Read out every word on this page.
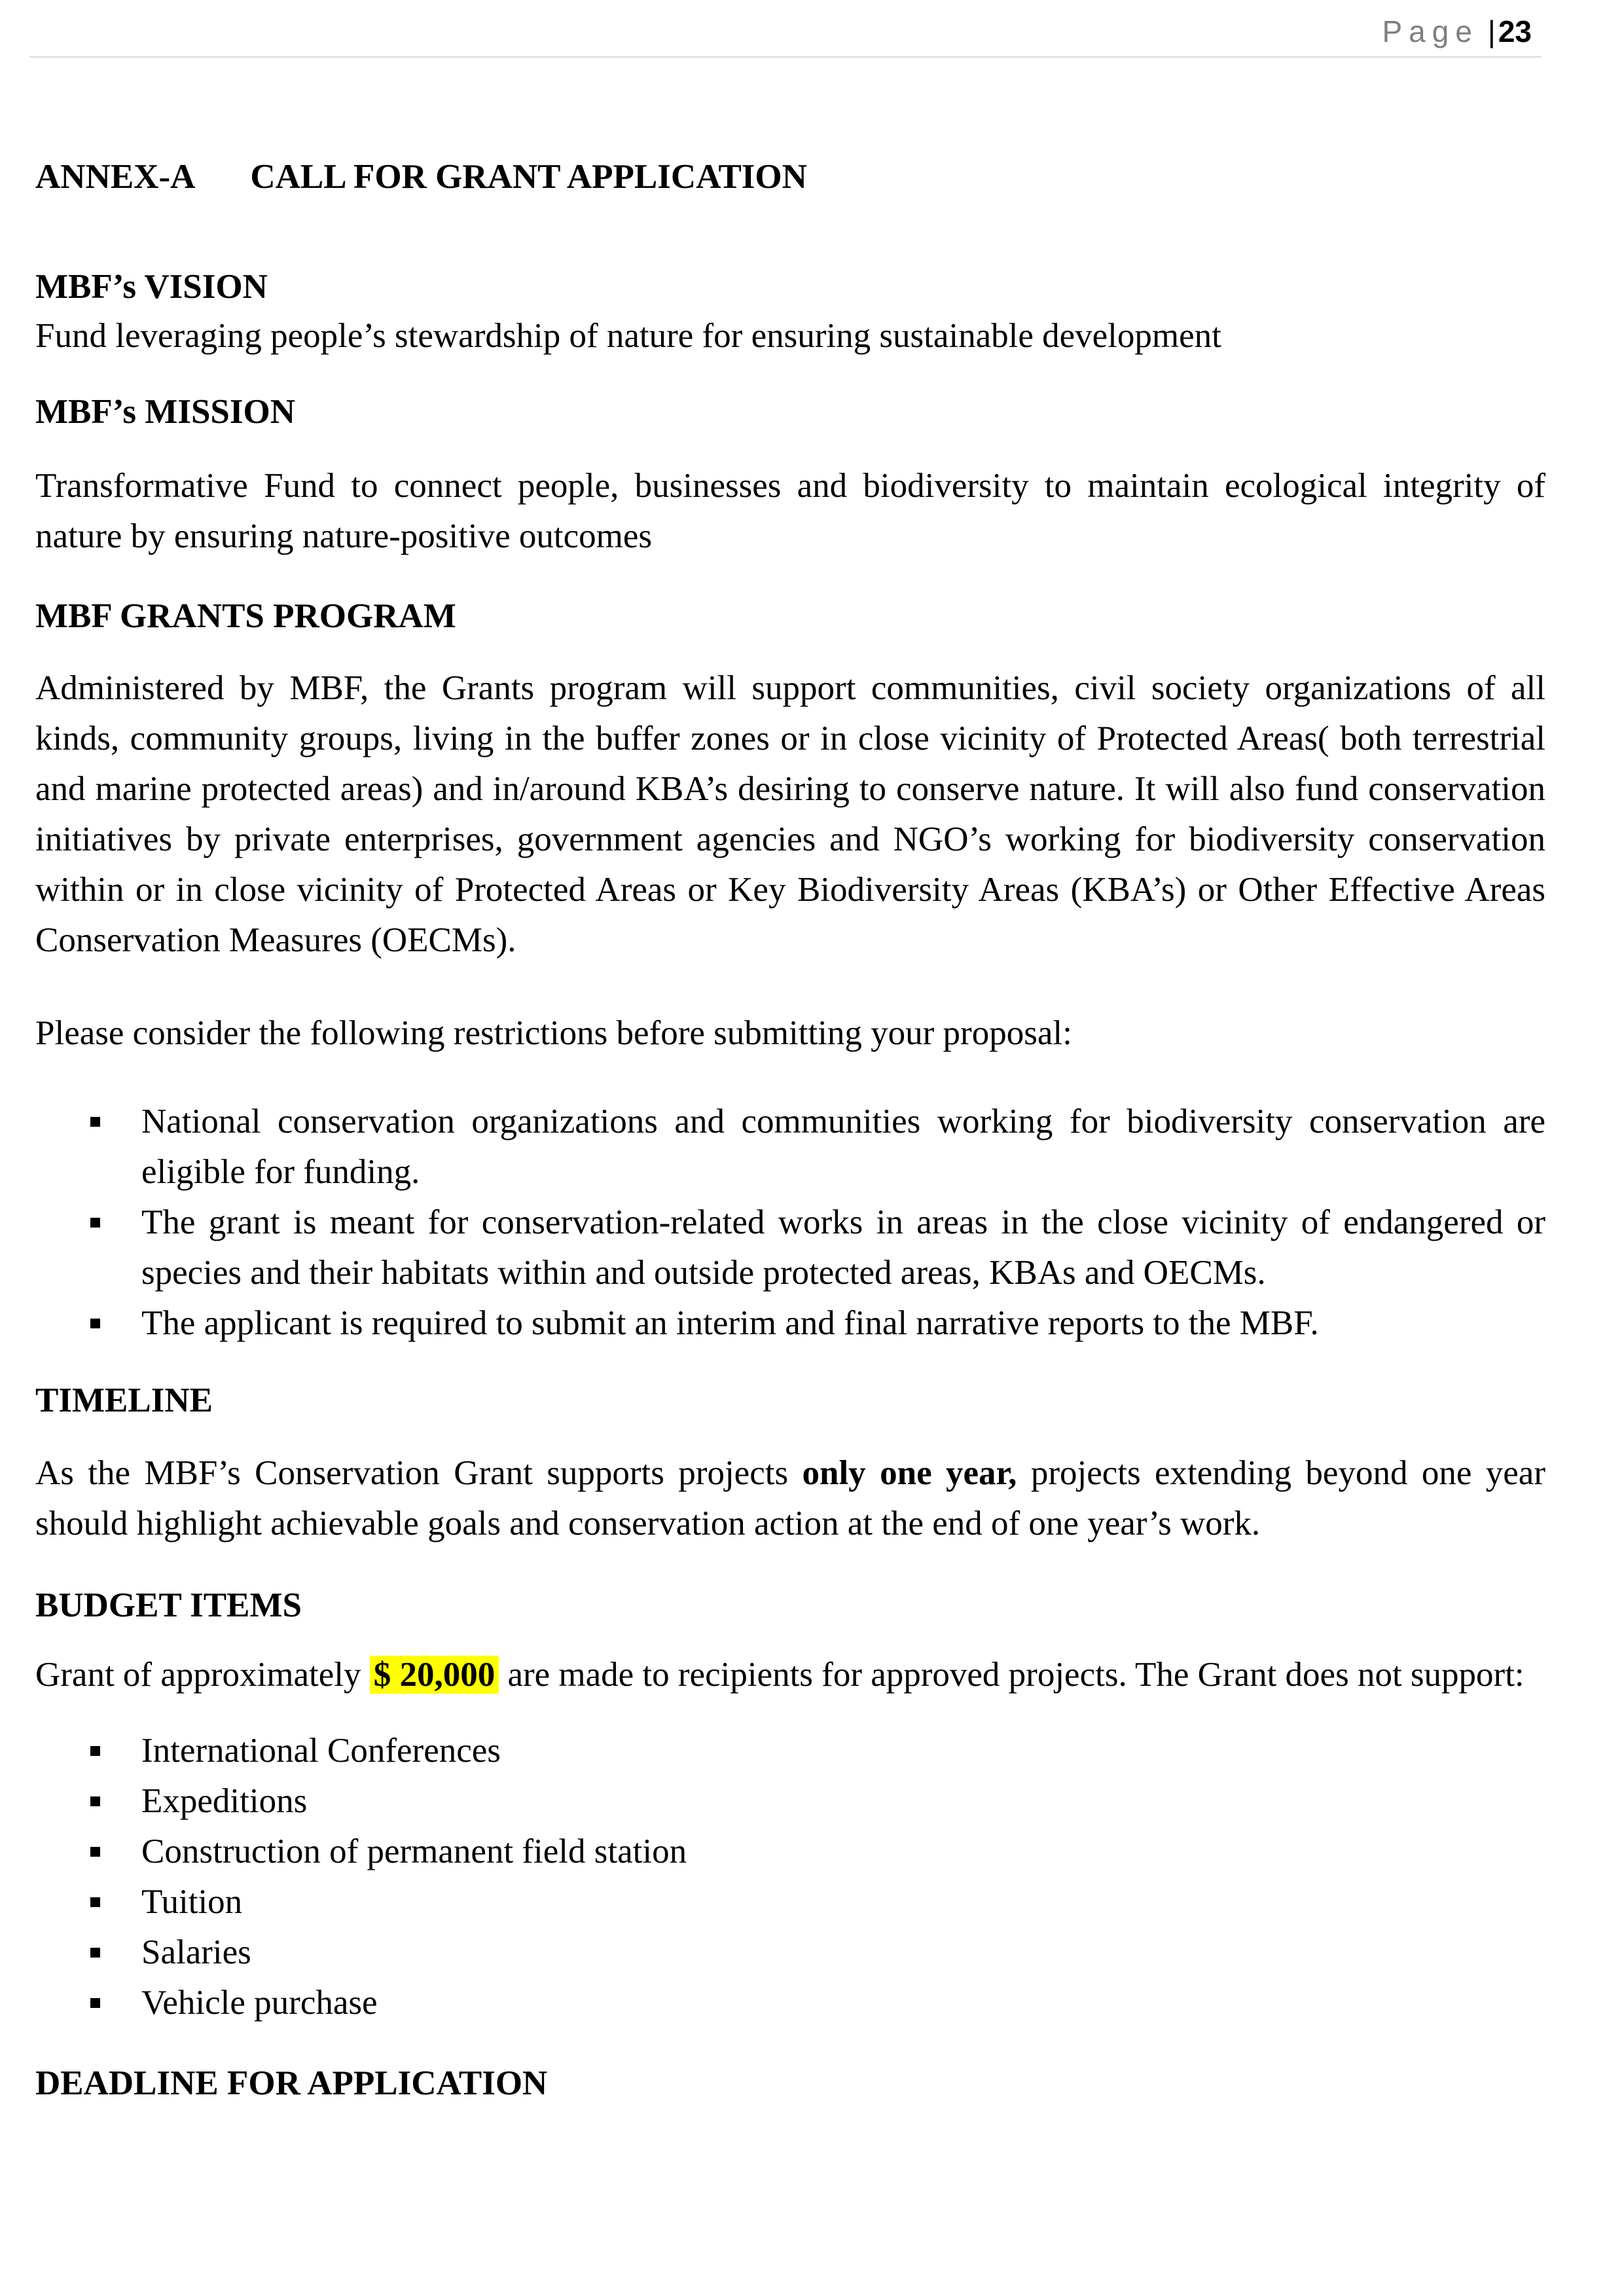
Page |23
ANNEX-A CALL FOR GRANT APPLICATION
MBF’s VISION
Fund leveraging people’s stewardship of nature for ensuring sustainable development
MBF’s MISSION
Transformative Fund to connect people, businesses and biodiversity to maintain ecological integrity of nature by ensuring nature-positive outcomes
MBF GRANTS PROGRAM
Administered by MBF, the Grants program will support communities, civil society organizations of all kinds, community groups, living in the buffer zones or in close vicinity of Protected Areas( both terrestrial and marine protected areas) and in/around KBA’s desiring to conserve nature. It will also fund conservation initiatives by private enterprises, government agencies and NGO’s working for biodiversity conservation within or in close vicinity of Protected Areas or Key Biodiversity Areas (KBA’s) or Other Effective Areas Conservation Measures (OECMs).
Please consider the following restrictions before submitting your proposal:
National conservation organizations and communities working for biodiversity conservation are eligible for funding.
The grant is meant for conservation-related works in areas in the close vicinity of endangered or species and their habitats within and outside protected areas, KBAs and OECMs.
The applicant is required to submit an interim and final narrative reports to the MBF.
TIMELINE
As the MBF’s Conservation Grant supports projects only one year, projects extending beyond one year should highlight achievable goals and conservation action at the end of one year’s work.
BUDGET ITEMS
Grant of approximately $ 20,000 are made to recipients for approved projects. The Grant does not support:
International Conferences
Expeditions
Construction of permanent field station
Tuition
Salaries
Vehicle purchase
DEADLINE FOR APPLICATION
